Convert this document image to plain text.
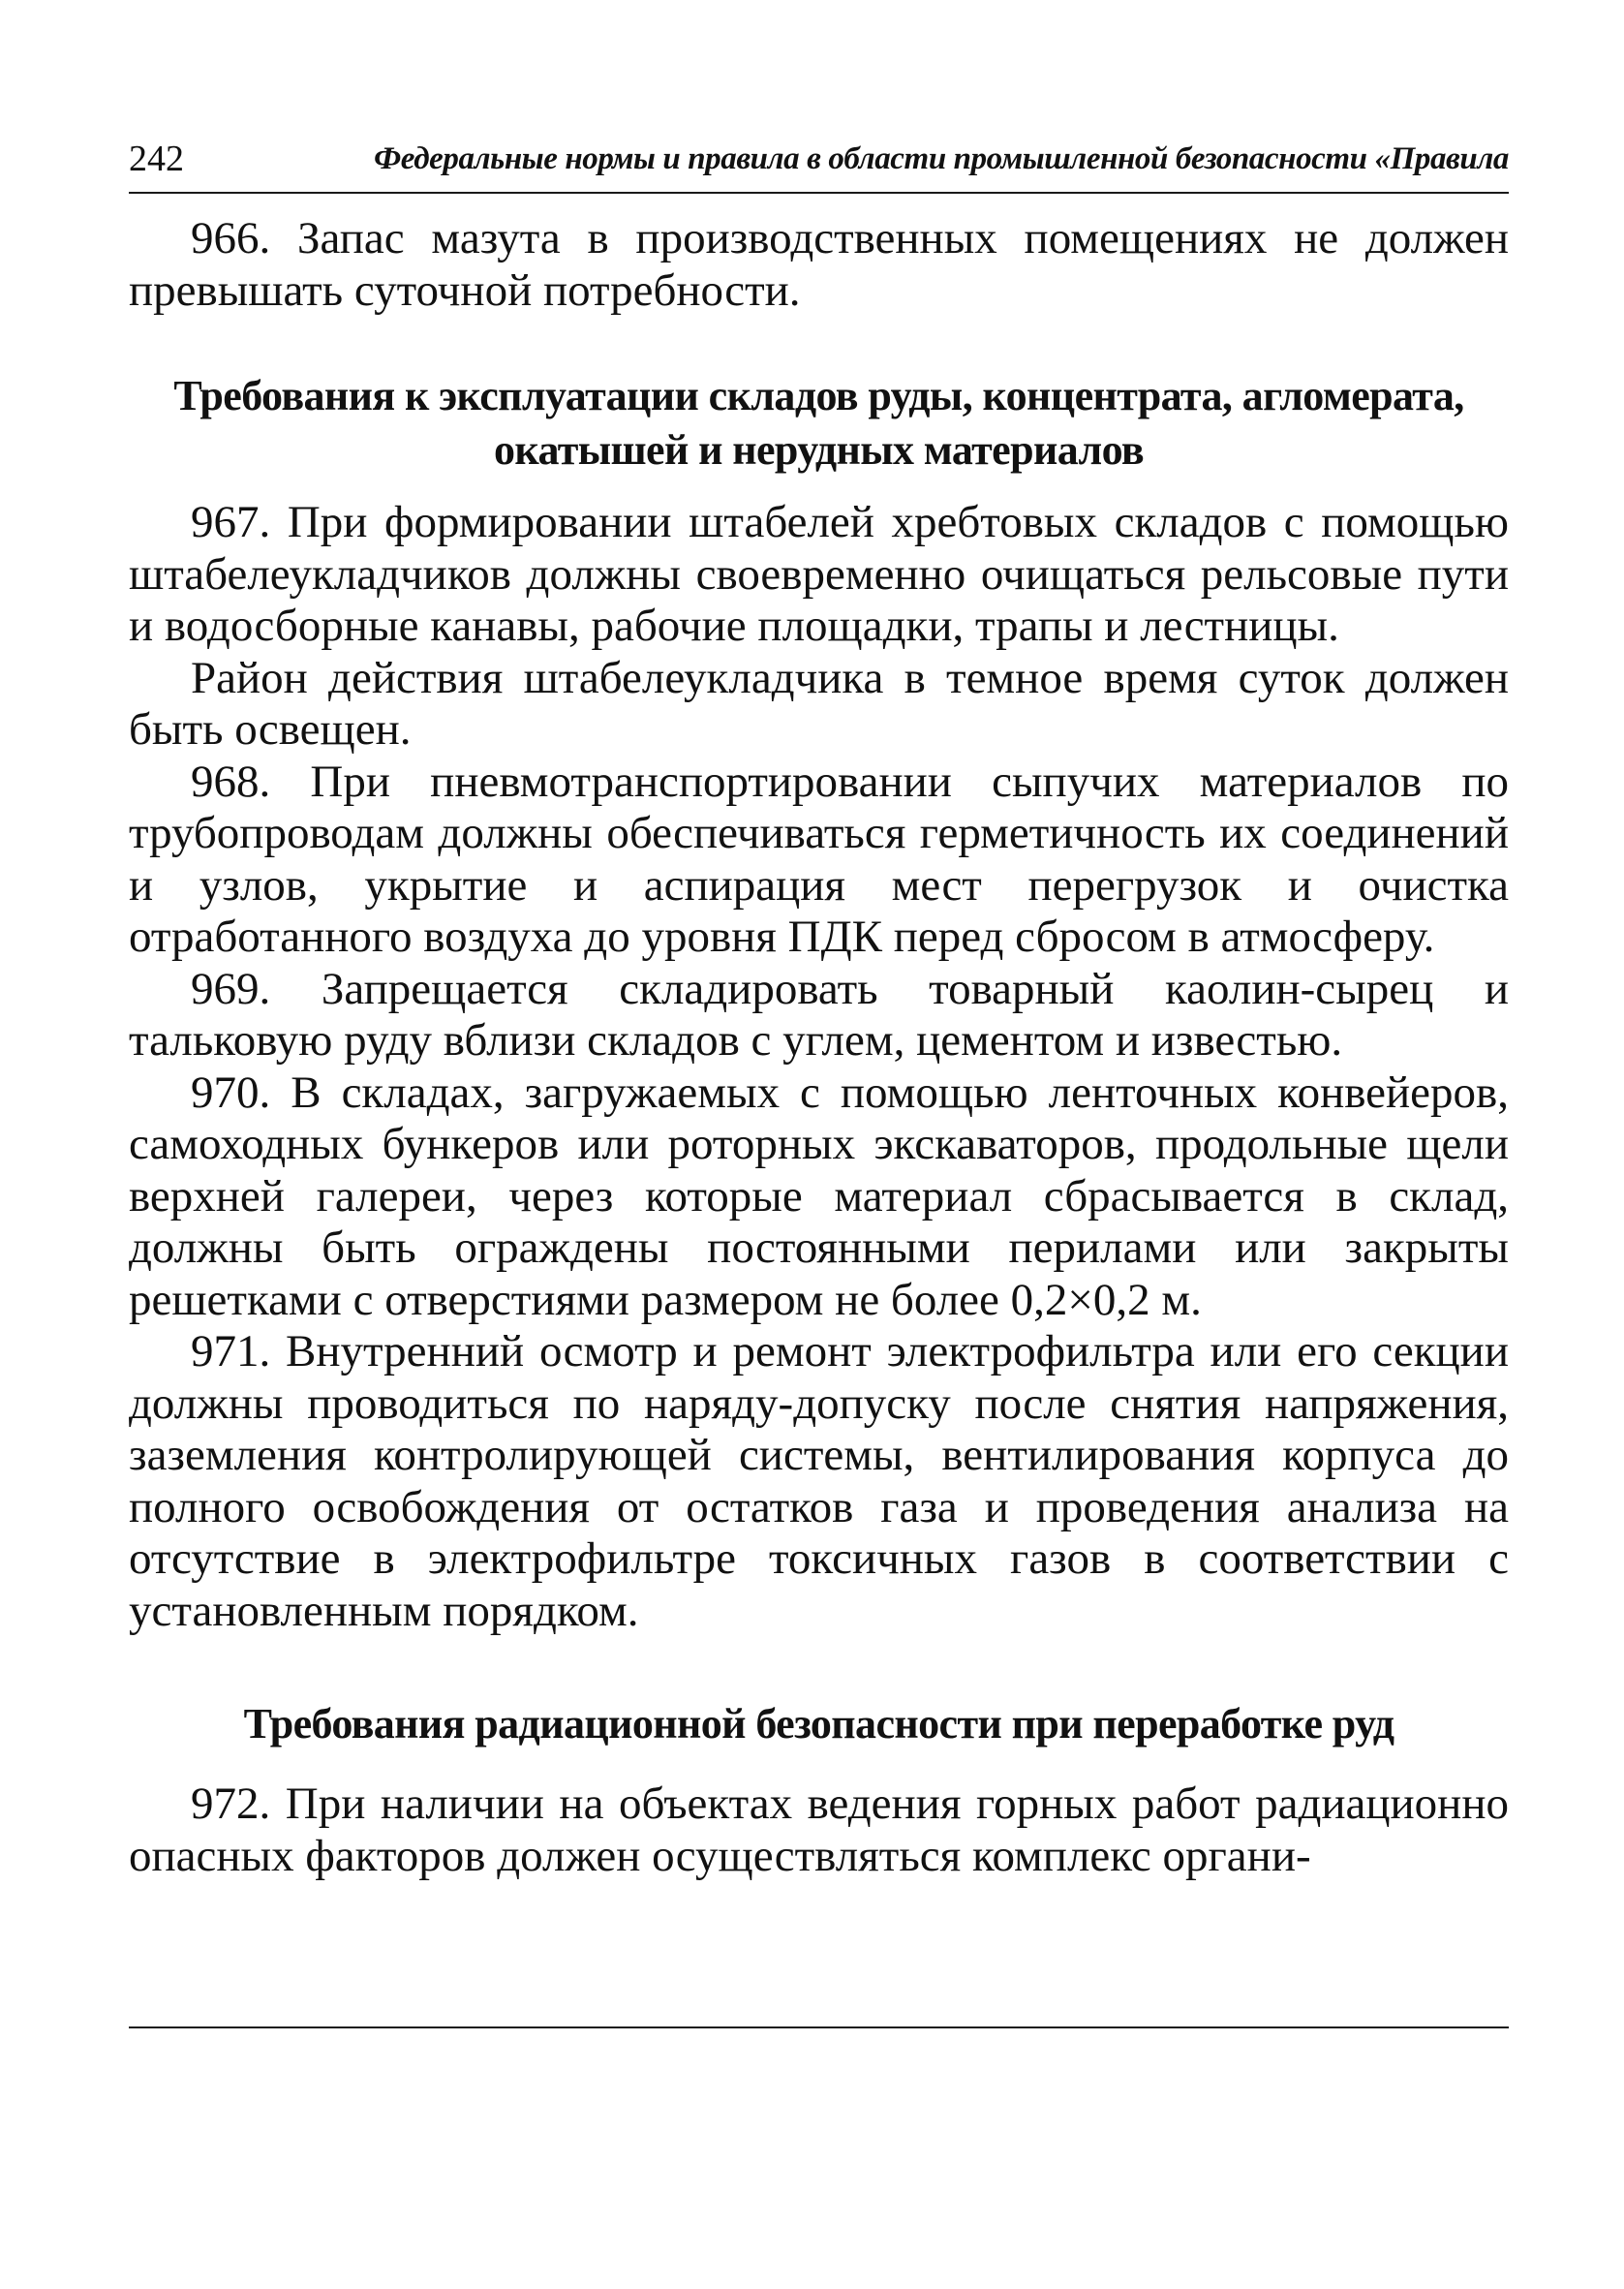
242	Федеральные нормы и правила в области промышленной безопасности «Правила

966. Запас мазута в производственных помещениях не должен превышать суточной потребности.

Требования к эксплуатации складов руды, концентрата, агломерата,
окатышей и нерудных материалов

967. При формировании штабелей хребтовых складов с помощью штабелеукладчиков должны своевременно очищаться рельсовые пути и водосборные канавы, рабочие площадки, трапы и лестницы.

Район действия штабелеукладчика в темное время суток должен быть освещен.

968. При пневмотранспортировании сыпучих материалов по трубопроводам должны обеспечиваться герметичность их соединений и узлов, укрытие и аспирация мест перегрузок и очистка отработанного воздуха до уровня ПДК перед сбросом в атмосферу.

969. Запрещается складировать товарный каолин-сырец и тальковую руду вблизи складов с углем, цементом и известью.

970. В складах, загружаемых с помощью ленточных конвейеров, самоходных бункеров или роторных экскаваторов, продольные щели верхней галереи, через которые материал сбрасывается в склад, должны быть ограждены постоянными перилами или закрыты решетками с отверстиями размером не более 0,2×0,2 м.

971. Внутренний осмотр и ремонт электрофильтра или его секции должны проводиться по наряду-допуску после снятия напряжения, заземления контролирующей системы, вентилирования корпуса до полного освобождения от остатков газа и проведения анализа на отсутствие в электрофильтре токсичных газов в соответствии с установленным порядком.

Требования радиационной безопасности при переработке руд

972. При наличии на объектах ведения горных работ радиационно опасных факторов должен осуществляться комплекс органи-
